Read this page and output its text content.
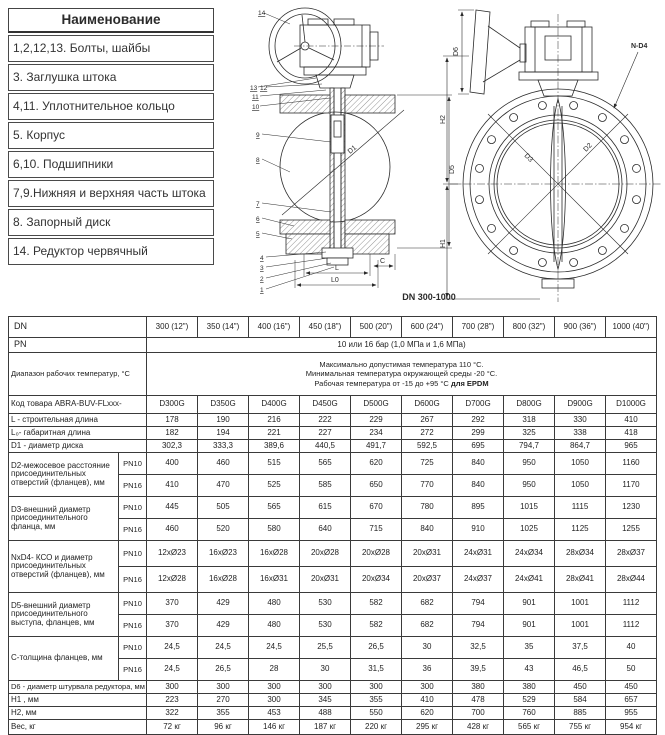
Наименование
1,2,12,13. Болты, шайбы
3. Заглушка штока
4,11. Уплотнительное кольцо
5. Корпус
6,10. Подшипники
7,9.Нижняя и верхняя часть штока
8. Запорный диск
14. Редуктор червячный
14
13 12
11
10
9
8
7
6
5
4
3
2
1
D1
D5
L
L0
C
D6
H2
H1
D3
D2
N-D4
DN 300-1000
DN		300 (12")	350 (14")	400 (16")	450 (18")	500 (20")	600 (24")	700 (28")	800 (32")	900 (36")	1000 (40")
PN		10 или 16 бар (1,0 МПа и 1,6 МПа)									
Диапазон рабочих температур, °С		Максимально допустимая температура 110 °С.
Минимальная температура окружающей среды -20 °С.
Рабочая температура от -15 до +95 °С для EPDM									

Код товара ABRA-BUV-FLxxx-		D300G	D350G	D400G	D450G	D500G	D600G	D700G	D800G	D900G	D1000G
L - строительная длина		178	190	216	222	229	267	292	318	330	410
L₀- габаритная длина		182	194	221	227	234	272	299	325	338	418
D1 - диаметр диска		302,3	333,3	389,6	440,5	491,7	592,5	695	794,7	864,7	965
D2-межосевое расстояние присоединительных отверстий (фланцев), мм	PN10	400	460	515	565	620	725	840	950	1050	1160
	PN16	410	470	525	585	650	770	840	950	1050	1170
D3-внешний диаметр присоединительного фланца, мм	PN10	445	505	565	615	670	780	895	1015	1115	1230
	PN16	460	520	580	640	715	840	910	1025	1125	1255
NxD4- КСО и диаметр присоединительных отверстий (фланцев), мм	PN10	12xØ23	16xØ23	16xØ28	20xØ28	20xØ28	20xØ31	24xØ31	24xØ34	28xØ34	28xØ37
	PN16	12xØ28	16xØ28	16xØ31	20xØ31	20xØ34	20xØ37	24xØ37	24xØ41	28xØ41	28xØ44
D5-внешний диаметр присоединительного выступа, фланцев, мм	PN10	370	429	480	530	582	682	794	901	1001	1112
	PN16	370	429	480	530	582	682	794	901	1001	1112
С-толщина фланцев, мм	PN10	24,5	24,5	24,5	25,5	26,5	30	32,5	35	37,5	40
	PN16	24,5	26,5	28	30	31,5	36	39,5	43	46,5	50
D6 - диаметр штурвала редуктора, мм		300	300	300	300	300	300	380	380	450	450
H1 , мм		223	270	300	345	355	410	478	529	584	657
H2, мм		322	355	453	488	550	620	700	760	885	955
Вес, кг		72 кг	96 кг	146 кг	187 кг	220 кг	295 кг	428 кг	565 кг	755 кг	954 кг
